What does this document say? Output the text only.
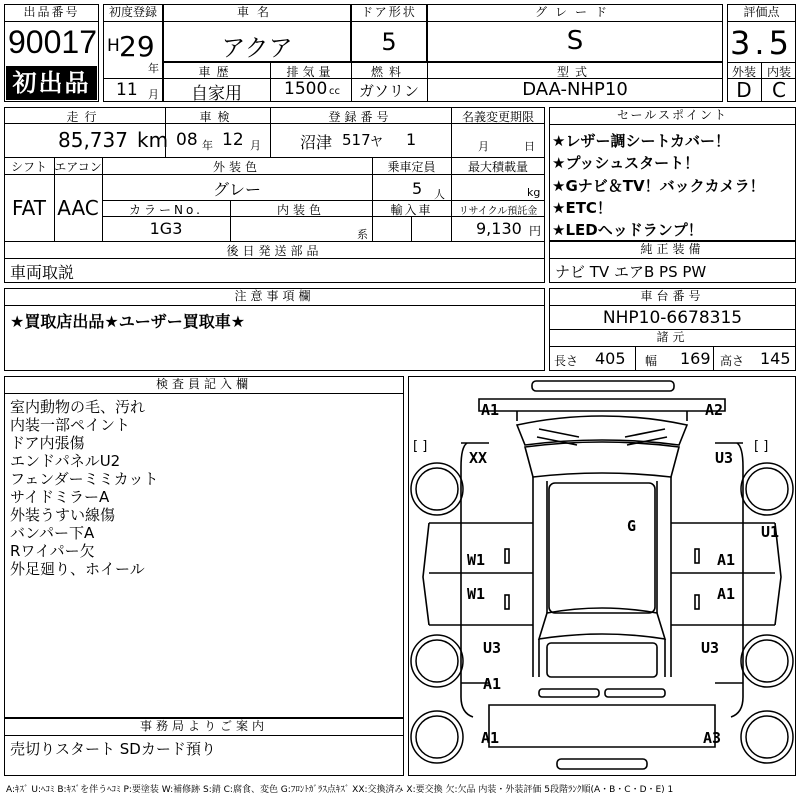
出品番号
90017
初出品
初度登録
H 29
年
11 月
車名
アクア
ドア形状
5
グレード
S
評価点
3.5
外装 内装
D	C
車歴
自家用
排気量
1500 cc
燃料
ガソリン
型式
DAA-NHP10
走行
85,737 km
車検
08 年 12 月
登録番号
沼津 517 ヤ 1
名義変更期限
月	日
シフト
FAT
エアコン
AAC
外装色
グレー
乗車定員
5 人
最大積載量
kg
カラーNo.
1G3
内装色
系
輸入車	リサイクル預託金
9,130 円
後日発送部品
車両取説
セールスポイント
★レザー調シートカバー！
★プッシュスタート！
★Gナビ＆TV！バックカメラ！
★ETC！
★LEDヘッドランプ！
純正装備
ナビ TV エアB PS PW
注意事項欄
★買取店出品★ユーザー買取車★
車台番号
NHP10-6678315
諸元
長さ 405 幅 169 高さ 145
検査員記入欄
室内動物の毛、汚れ
内装一部ペイント
ドア内張傷
エンドパネルU2
フェンダーミミカット
サイドミラーA
外装うすい線傷
バンパー下A
Rワイパー欠
外足廻り、ホイール
事務局よりご案内
売切りスタート SDカード預り
[ ]	[ ]
A1	A2
XX	U3
G	U1
W1	A1
W1	A1
U3	U3
A1
A1	A3
A:ｷｽﾞ U:ﾍｺﾐ B:ｷｽﾞを伴うﾍｺﾐ P:要塗装 W:補修跡 S:錆 C:腐食、変色 G:ﾌﾛﾝﾄｶﾞﾗｽ点ｷｽﾞ XX:交換済み X:要交換 欠:欠品 内装・外装評価 5段階ﾗﾝｸ順(A・B・C・D・E) 1
